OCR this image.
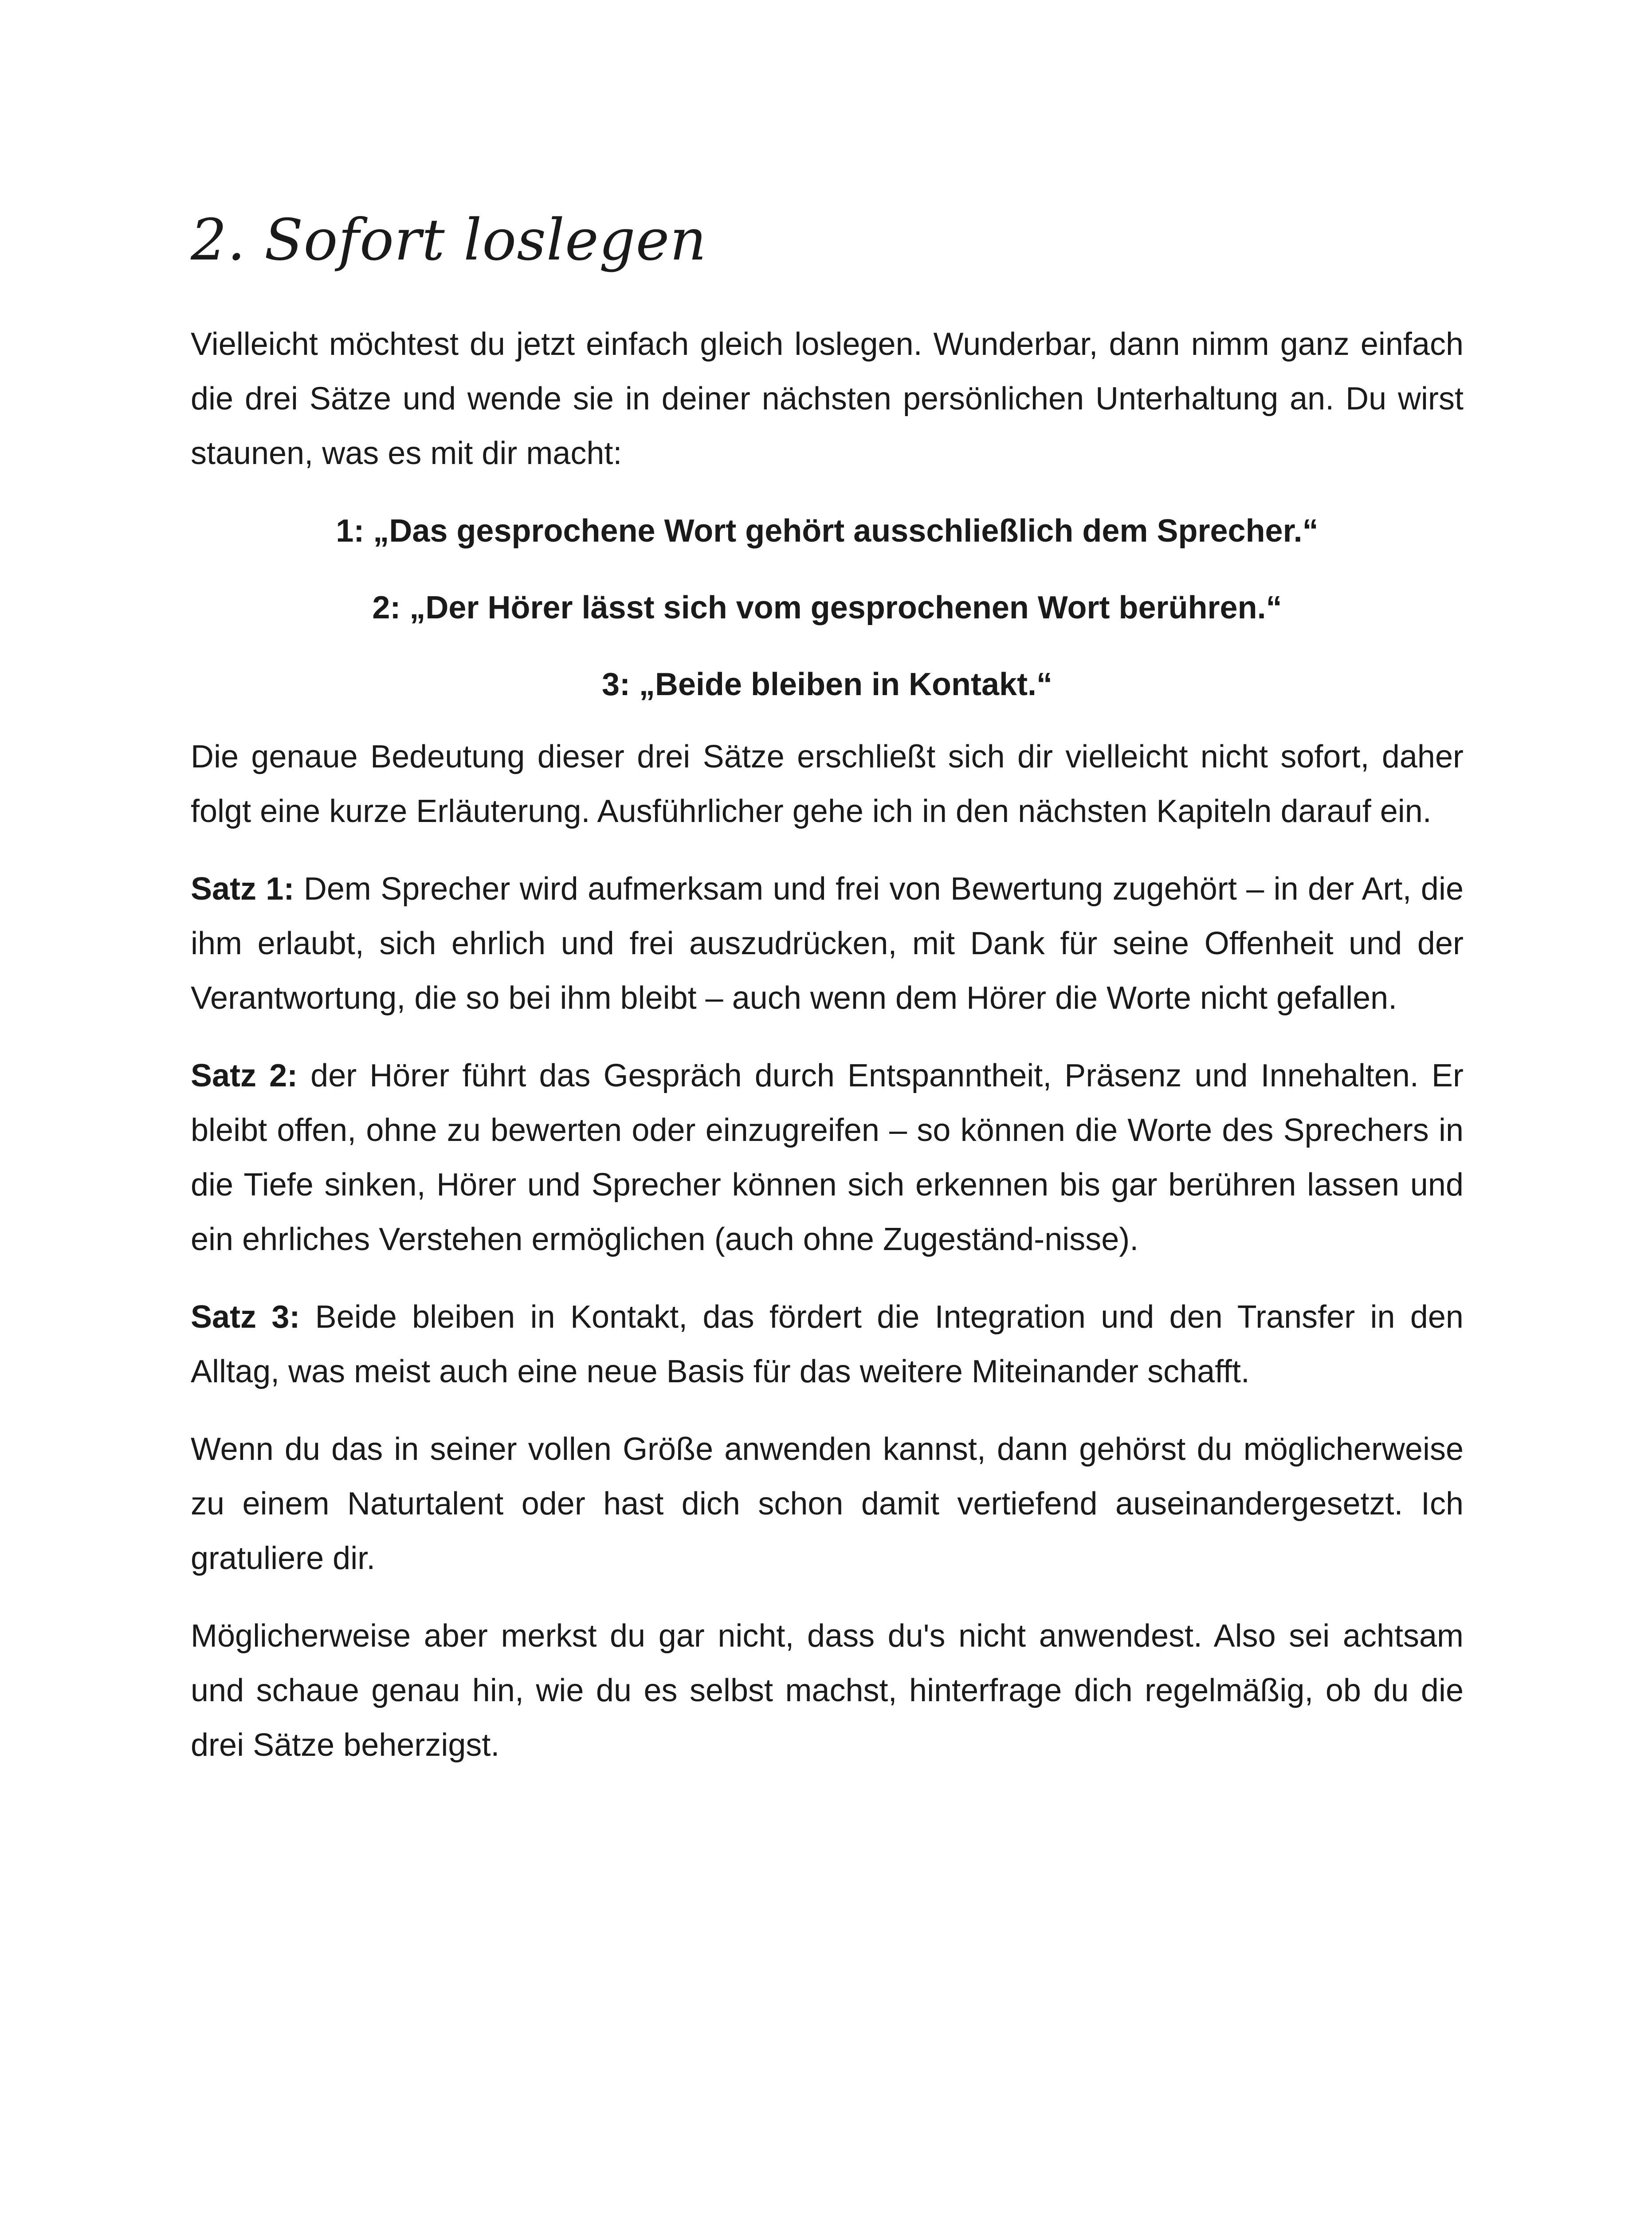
2. Sofort loslegen

Vielleicht möchtest du jetzt einfach gleich loslegen. Wunderbar, dann nimm ganz einfach die drei Sätze und wende sie in deiner nächsten persönlichen Unterhaltung an. Du wirst staunen, was es mit dir macht:

1: „Das gesprochene Wort gehört ausschließlich dem Sprecher.“

2: „Der Hörer lässt sich vom gesprochenen Wort berühren.“

3: „Beide bleiben in Kontakt.“

Die genaue Bedeutung dieser drei Sätze erschließt sich dir vielleicht nicht sofort, daher folgt eine kurze Erläuterung. Ausführlicher gehe ich in den nächsten Kapiteln darauf ein.

Satz 1: Dem Sprecher wird aufmerksam und frei von Bewertung zugehört – in der Art, die ihm erlaubt, sich ehrlich und frei auszudrücken, mit Dank für seine Offenheit und der Verantwortung, die so bei ihm bleibt – auch wenn dem Hörer die Worte nicht gefallen.

Satz 2: der Hörer führt das Gespräch durch Entspanntheit, Präsenz und Innehalten. Er bleibt offen, ohne zu bewerten oder einzugreifen – so können die Worte des Sprechers in die Tiefe sinken, Hörer und Sprecher können sich erkennen bis gar berühren lassen und ein ehrliches Verstehen ermöglichen (auch ohne Zugeständ-nisse).

Satz 3: Beide bleiben in Kontakt, das fördert die Integration und den Transfer in den Alltag, was meist auch eine neue Basis für das weitere Miteinander schafft.

Wenn du das in seiner vollen Größe anwenden kannst, dann gehörst du möglicherweise zu einem Naturtalent oder hast dich schon damit vertiefend auseinandergesetzt. Ich gratuliere dir.

Möglicherweise aber merkst du gar nicht, dass du's nicht anwendest. Also sei achtsam und schaue genau hin, wie du es selbst machst, hinterfrage dich regelmäßig, ob du die drei Sätze beherzigst.
